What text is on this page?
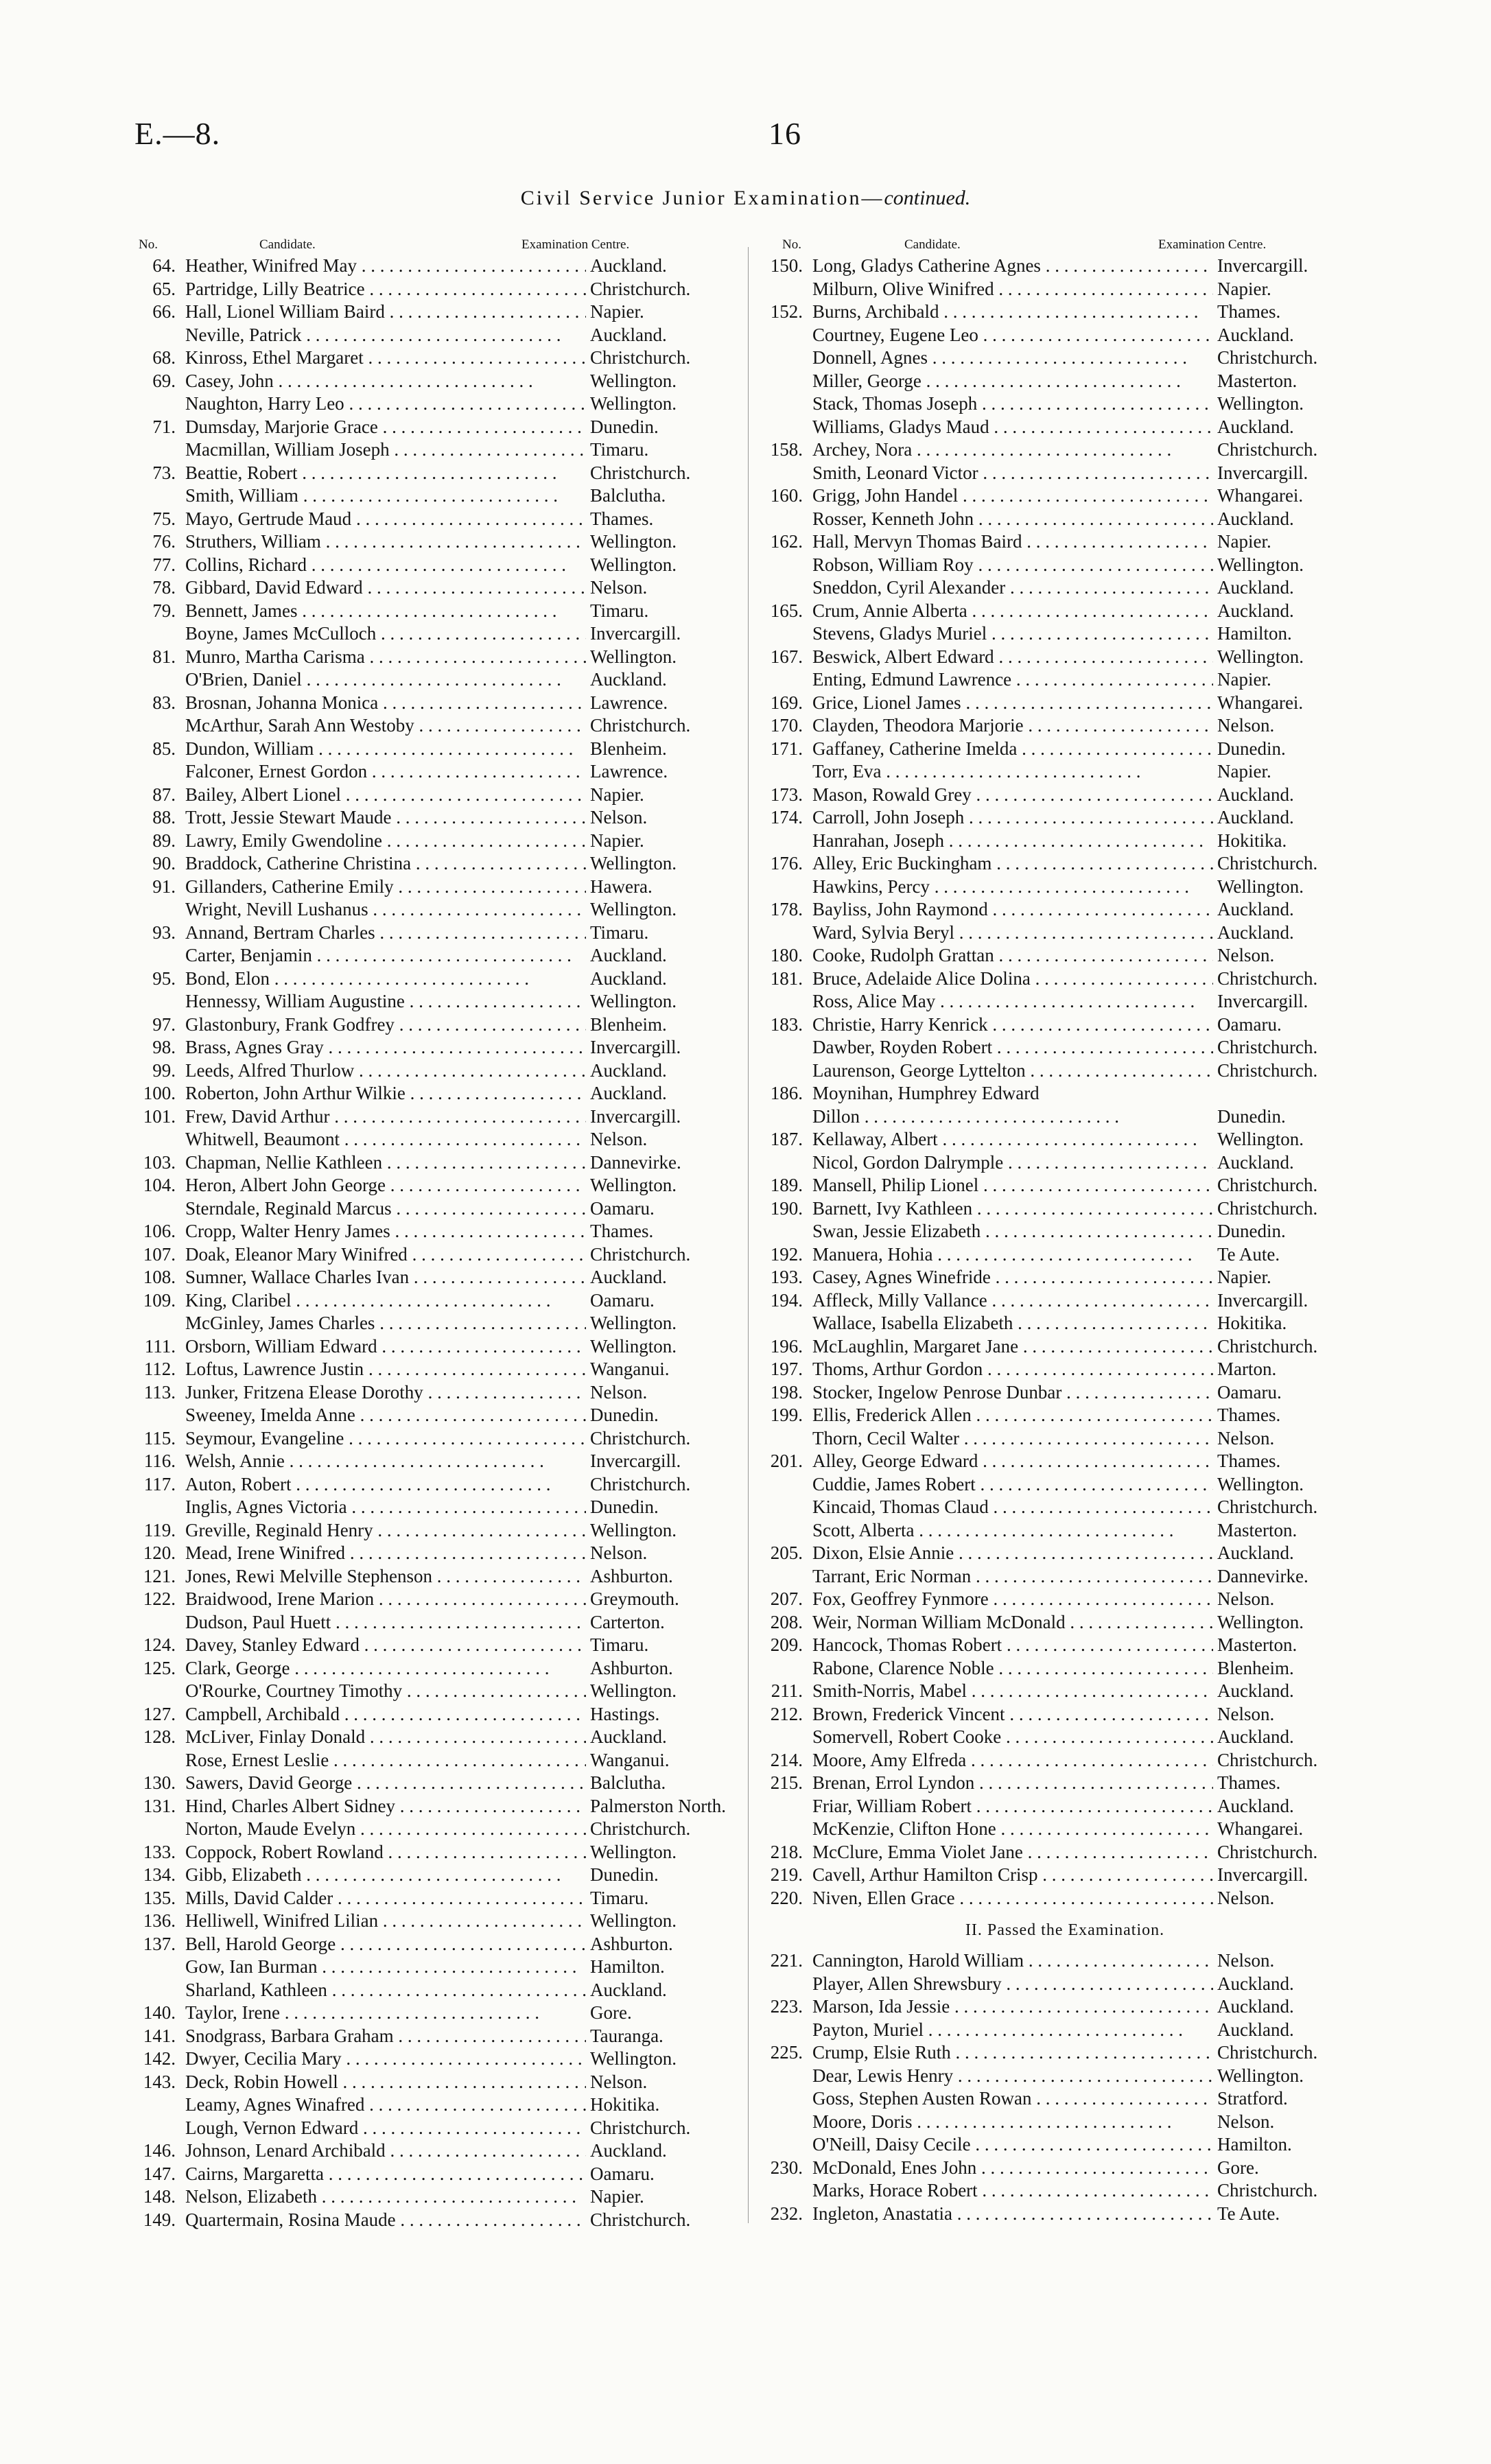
E.—8.	16
Civil Service Junior Examination—continued.
No.	Candidate.	Examination Centre.
64. Heather, Winifred May . .	Auckland.
65. Partridge, Lilly Beatrice . .	Christchurch.
66. Hall, Lionel William Baird . .	Napier.
Neville, Patrick . .	Auckland.
68. Kinross, Ethel Margaret . .	Christchurch.
69. Casey, John . .	Wellington.
Naughton, Harry Leo . .	Wellington.
71. Dumsday, Marjorie Grace . .	Dunedin.
Macmillan, William Joseph . .	Timaru.
73. Beattie, Robert . .	Christchurch.
Smith, William . .	Balclutha.
75. Mayo, Gertrude Maud . .	Thames.
76. Struthers, William . .	Wellington.
77. Collins, Richard . .	Wellington.
78. Gibbard, David Edward . .	Nelson.
79. Bennett, James . .	Timaru.
Boyne, James McCulloch . .	Invercargill.
81. Munro, Martha Carisma . .	Wellington.
O'Brien, Daniel . .	Auckland.
83. Brosnan, Johanna Monica . .	Lawrence.
McArthur, Sarah Ann Westoby . .	Christchurch.
85. Dundon, William . .	Blenheim.
Falconer, Ernest Gordon . .	Lawrence.
87. Bailey, Albert Lionel . .	Napier.
88. Trott, Jessie Stewart Maude . .	Nelson.
89. Lawry, Emily Gwendoline . .	Napier.
90. Braddock, Catherine Christina . .	Wellington.
91. Gillanders, Catherine Emily . .	Hawera.
Wright, Nevill Lushanus . .	Wellington.
93. Annand, Bertram Charles . .	Timaru.
Carter, Benjamin . .	Auckland.
95. Bond, Elon . .	Auckland.
Hennessy, William Augustine . .	Wellington.
97. Glastonbury, Frank Godfrey . .	Blenheim.
98. Brass, Agnes Gray . .	Invercargill.
99. Leeds, Alfred Thurlow . .	Auckland.
100. Roberton, John Arthur Wilkie . .	Auckland.
101. Frew, David Arthur . .	Invercargill.
Whitwell, Beaumont . .	Nelson.
103. Chapman, Nellie Kathleen . .	Dannevirke.
104. Heron, Albert John George . .	Wellington.
Sterndale, Reginald Marcus . .	Oamaru.
106. Cropp, Walter Henry James . .	Thames.
107. Doak, Eleanor Mary Winifred . .	Christchurch.
108. Sumner, Wallace Charles Ivan . .	Auckland.
109. King, Claribel . .	Oamaru.
McGinley, James Charles . .	Wellington.
111. Orsborn, William Edward . .	Wellington.
112. Loftus, Lawrence Justin . .	Wanganui.
113. Junker, Fritzena Elease Dorothy . .	Nelson.
Sweeney, Imelda Anne . .	Dunedin.
115. Seymour, Evangeline . .	Christchurch.
116. Welsh, Annie . .	Invercargill.
117. Auton, Robert . .	Christchurch.
Inglis, Agnes Victoria . .	Dunedin.
119. Greville, Reginald Henry . .	Wellington.
120. Mead, Irene Winifred . .	Nelson.
121. Jones, Rewi Melville Stephenson . .	Ashburton.
122. Braidwood, Irene Marion . .	Greymouth.
Dudson, Paul Huett . .	Carterton.
124. Davey, Stanley Edward . .	Timaru.
125. Clark, George . .	Ashburton.
O'Rourke, Courtney Timothy . .	Wellington.
127. Campbell, Archibald . .	Hastings.
128. McLiver, Finlay Donald . .	Auckland.
Rose, Ernest Leslie . .	Wanganui.
130. Sawers, David George . .	Balclutha.
131. Hind, Charles Albert Sidney . .	Palmerston North.
Norton, Maude Evelyn . .	Christchurch.
133. Coppock, Robert Rowland . .	Wellington.
134. Gibb, Elizabeth . .	Dunedin.
135. Mills, David Calder . .	Timaru.
136. Helliwell, Winifred Lilian . .	Wellington.
137. Bell, Harold George . .	Ashburton.
Gow, Ian Burman . .	Hamilton.
Sharland, Kathleen . .	Auckland.
140. Taylor, Irene . .	Gore.
141. Snodgrass, Barbara Graham . .	Tauranga.
142. Dwyer, Cecilia Mary . .	Wellington.
143. Deck, Robin Howell . .	Nelson.
Leamy, Agnes Winafred . .	Hokitika.
Lough, Vernon Edward . .	Christchurch.
146. Johnson, Lenard Archibald . .	Auckland.
147. Cairns, Margaretta . .	Oamaru.
148. Nelson, Elizabeth . .	Napier.
149. Quartermain, Rosina Maude . .	Christchurch.
No.	Candidate.	Examination Centre.
150. Long, Gladys Catherine Agnes . .	Invercargill.
Milburn, Olive Winifred . .	Napier.
152. Burns, Archibald . .	Thames.
Courtney, Eugene Leo . .	Auckland.
Donnell, Agnes . .	Christchurch.
Miller, George . .	Masterton.
Stack, Thomas Joseph . .	Wellington.
Williams, Gladys Maud . .	Auckland.
158. Archey, Nora . .	Christchurch.
Smith, Leonard Victor . .	Invercargill.
160. Grigg, John Handel . .	Whangarei.
Rosser, Kenneth John . .	Auckland.
162. Hall, Mervyn Thomas Baird . .	Napier.
Robson, William Roy . .	Wellington.
Sneddon, Cyril Alexander . .	Auckland.
165. Crum, Annie Alberta . .	Auckland.
Stevens, Gladys Muriel . .	Hamilton.
167. Beswick, Albert Edward . .	Wellington.
Enting, Edmund Lawrence . .	Napier.
169. Grice, Lionel James . .	Whangarei.
170. Clayden, Theodora Marjorie . .	Nelson.
171. Gaffaney, Catherine Imelda . .	Dunedin.
Torr, Eva . .	Napier.
173. Mason, Rowald Grey . .	Auckland.
174. Carroll, John Joseph . .	Auckland.
Hanrahan, Joseph . .	Hokitika.
176. Alley, Eric Buckingham . .	Christchurch.
Hawkins, Percy . .	Wellington.
178. Bayliss, John Raymond . .	Auckland.
Ward, Sylvia Beryl . .	Auckland.
180. Cooke, Rudolph Grattan . .	Nelson.
181. Bruce, Adelaide Alice Dolina . .	Christchurch.
Ross, Alice May . .	Invercargill.
183. Christie, Harry Kenrick . .	Oamaru.
Dawber, Royden Robert . .	Christchurch.
Laurenson, George Lyttelton . .	Christchurch.
186. Moynihan, Humphrey Edward
Dillon . .	Dunedin.
187. Kellaway, Albert . .	Wellington.
Nicol, Gordon Dalrymple . .	Auckland.
189. Mansell, Philip Lionel . .	Christchurch.
190. Barnett, Ivy Kathleen . .	Christchurch.
Swan, Jessie Elizabeth . .	Dunedin.
192. Manuera, Hohia . .	Te Aute.
193. Casey, Agnes Winefride . .	Napier.
194. Affleck, Milly Vallance . .	Invercargill.
Wallace, Isabella Elizabeth . .	Hokitika.
196. McLaughlin, Margaret Jane . .	Christchurch.
197. Thoms, Arthur Gordon . .	Marton.
198. Stocker, Ingelow Penrose Dunbar . .	Oamaru.
199. Ellis, Frederick Allen . .	Thames.
Thorn, Cecil Walter . .	Nelson.
201. Alley, George Edward . .	Thames.
Cuddie, James Robert . .	Wellington.
Kincaid, Thomas Claud . .	Christchurch.
Scott, Alberta . .	Masterton.
205. Dixon, Elsie Annie . .	Auckland.
Tarrant, Eric Norman . .	Dannevirke.
207. Fox, Geoffrey Fynmore . .	Nelson.
208. Weir, Norman William McDonald . .	Wellington.
209. Hancock, Thomas Robert . .	Masterton.
Rabone, Clarence Noble . .	Blenheim.
211. Smith-Norris, Mabel . .	Auckland.
212. Brown, Frederick Vincent . .	Nelson.
Somervell, Robert Cooke . .	Auckland.
214. Moore, Amy Elfreda . .	Christchurch.
215. Brenan, Errol Lyndon . .	Thames.
Friar, William Robert . .	Auckland.
McKenzie, Clifton Hone . .	Whangarei.
218. McClure, Emma Violet Jane . .	Christchurch.
219. Cavell, Arthur Hamilton Crisp . .	Invercargill.
220. Niven, Ellen Grace . .	Nelson.
II. Passed the Examination.
221. Cannington, Harold William . .	Nelson.
Player, Allen Shrewsbury . .	Auckland.
223. Marson, Ida Jessie . .	Auckland.
Payton, Muriel . .	Auckland.
225. Crump, Elsie Ruth . .	Christchurch.
Dear, Lewis Henry . .	Wellington.
Goss, Stephen Austen Rowan . .	Stratford.
Moore, Doris . .	Nelson.
O'Neill, Daisy Cecile . .	Hamilton.
230. McDonald, Enes John . .	Gore.
Marks, Horace Robert . .	Christchurch.
232. Ingleton, Anastatia . .	Te Aute.
